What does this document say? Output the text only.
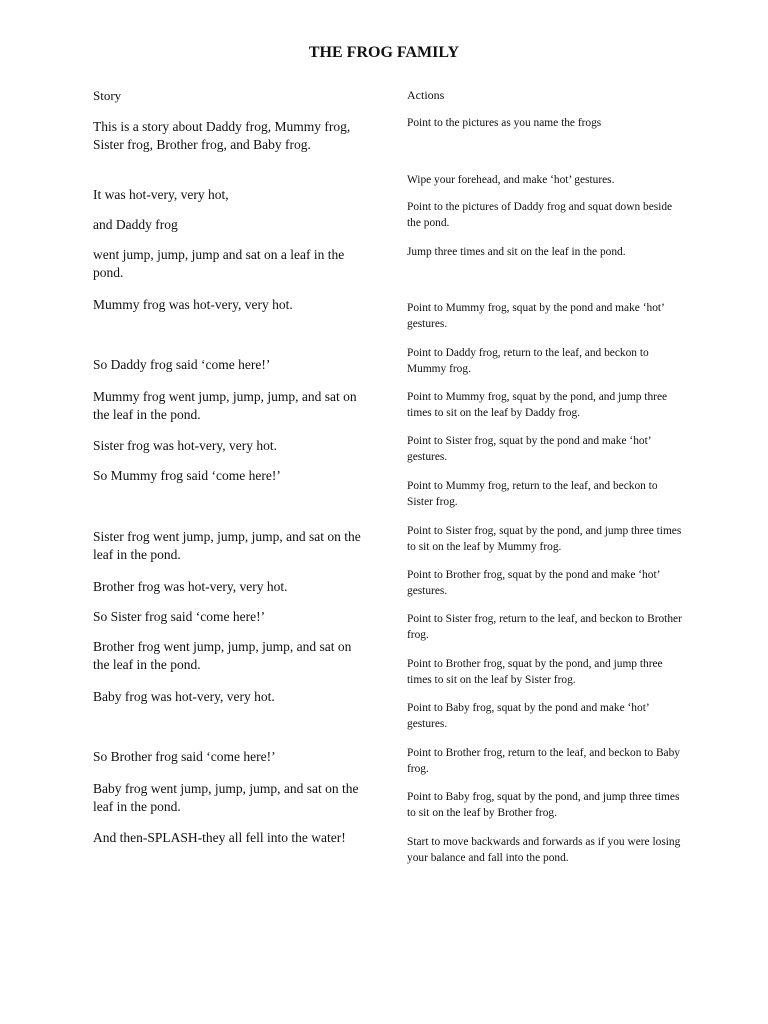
THE FROG FAMILY
Story	Actions

This is a story about Daddy frog, Mummy frog, Sister frog, Brother frog, and Baby frog.

It was hot-very, very hot,

and Daddy frog

went jump, jump, jump and sat on a leaf in the pond.

Mummy frog was hot-very, very hot.

So Daddy frog said ‘come here!’

Mummy frog went jump, jump, jump, and sat on the leaf in the pond.

Sister frog was hot-very, very hot.

So Mummy frog said ‘come here!’

Sister frog went jump, jump, jump, and sat on the leaf in the pond.

Brother frog was hot-very, very hot.

So Sister frog said ‘come here!’

Brother frog went jump, jump, jump, and sat on the leaf in the pond.

Baby frog was hot-very, very hot.

So Brother frog said ‘come here!’

Baby frog went jump, jump, jump, and sat on the leaf in the pond.

And then-SPLASH-they all fell into the water!

Point to the pictures as you name the frogs

Wipe your forehead, and make ‘hot’ gestures.

Point to the pictures of Daddy frog and squat down beside the pond.

Jump three times and sit on the leaf in the pond.

Point to Mummy frog, squat by the pond and make ‘hot’ gestures.

Point to Daddy frog, return to the leaf, and beckon to Mummy frog.

Point to Mummy frog, squat by the pond, and jump three times to sit on the leaf by Daddy frog.

Point to Sister frog, squat by the pond and make ‘hot’ gestures.

Point to Mummy frog, return to the leaf, and beckon to Sister frog.

Point to Sister frog, squat by the pond, and jump three times to sit on the leaf by Mummy frog.

Point to Brother frog, squat by the pond and make ‘hot’ gestures.

Point to Sister frog, return to the leaf, and beckon to Brother frog.

Point to Brother frog, squat by the pond, and jump three times to sit on the leaf by Sister frog.

Point to Baby frog, squat by the pond and make ‘hot’ gestures.

Point to Brother frog, return to the leaf, and beckon to Baby frog.

Point to Baby frog, squat by the pond, and jump three times to sit on the leaf by Brother frog.

Start to move backwards and forwards as if you were losing your balance and fall into the pond.
